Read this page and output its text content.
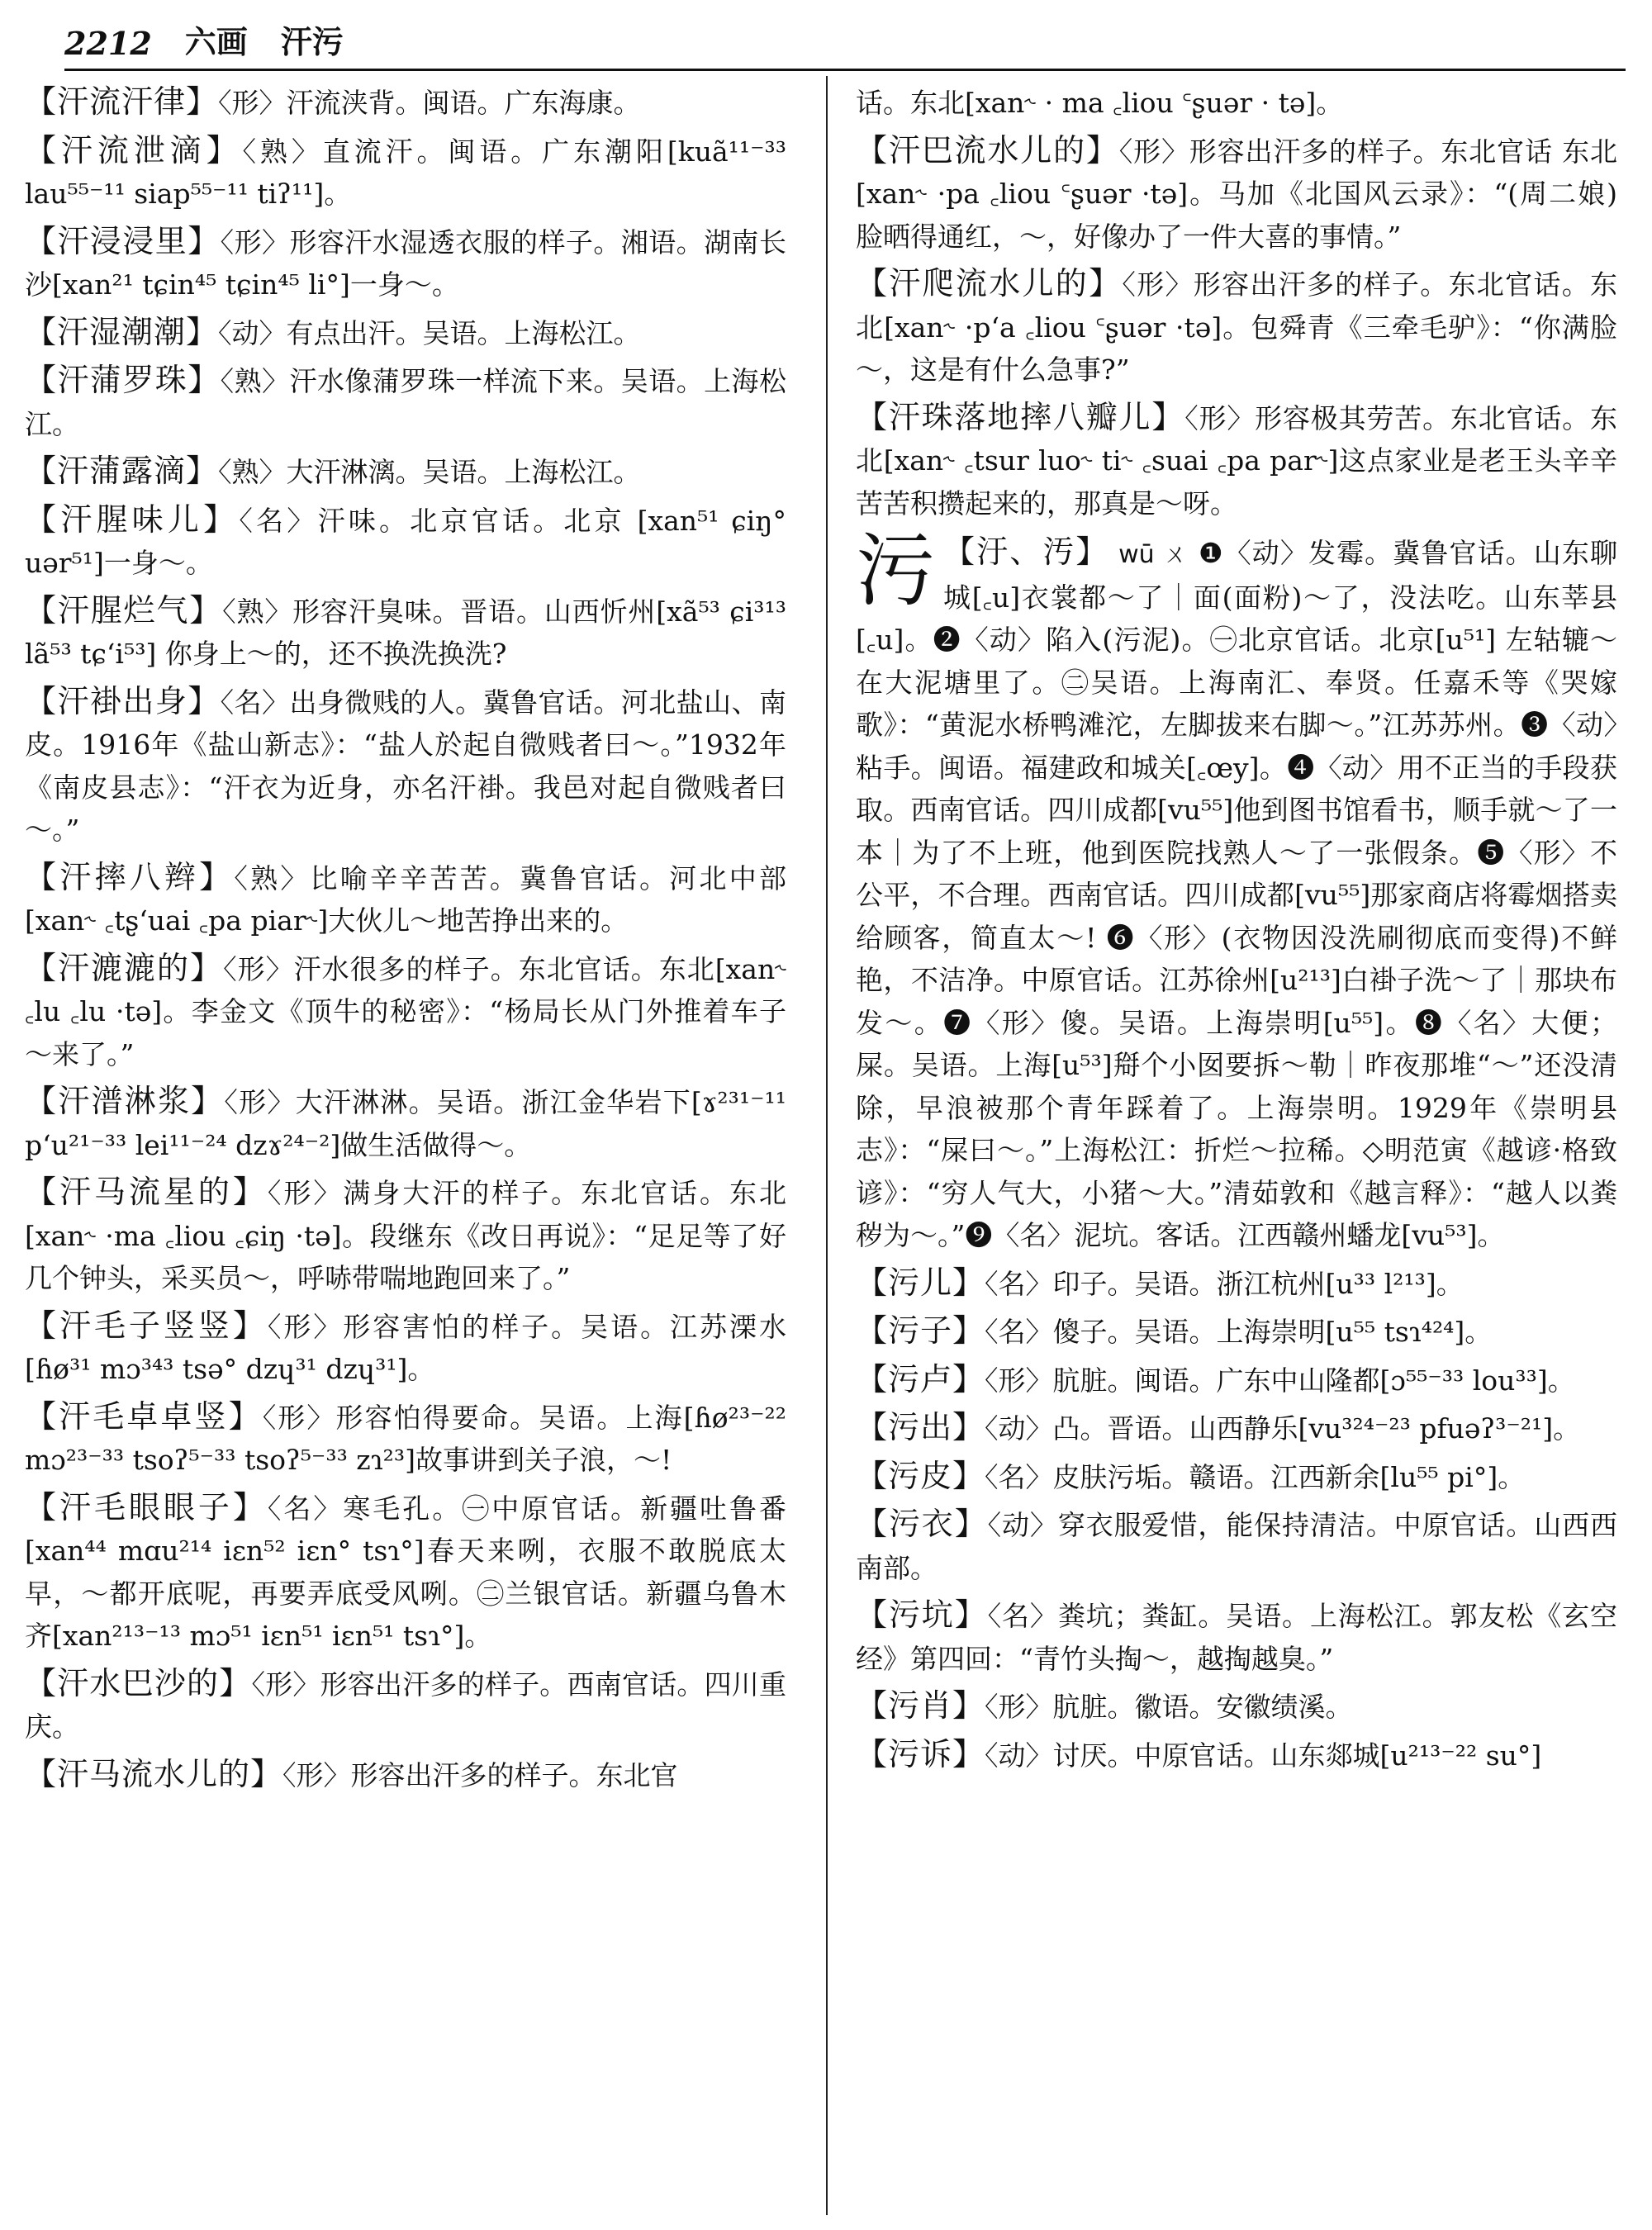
2212 六画 汗污
【汗流汗律】〈形〉汗流浃背。闽语。广东海康。
【汗流泄滴】〈熟〉直流汗。闽语。广东潮阳[kuã¹¹⁻³³ lau⁵⁵⁻¹¹ siap⁵⁵⁻¹¹ tiʔ¹¹]。
【汗浸浸里】〈形〉形容汗水湿透衣服的样子。湘语。湖南长沙[xan²¹ tɕin⁴⁵ tɕin⁴⁵ li°]一身～。
【汗湿潮潮】〈动〉有点出汗。吴语。上海松江。
【汗蒲罗珠】〈熟〉汗水像蒲罗珠一样流下来。吴语。上海松江。
【汗蒲露滴】〈熟〉大汗淋漓。吴语。上海松江。
【汗腥味儿】〈名〉汗味。北京官话。北京 [xan⁵¹ ɕiŋ° uər⁵¹]一身～。
【汗腥烂气】〈熟〉形容汗臭味。晋语。山西忻州[xã⁵³ ɕi³¹³ lã⁵³ tɕʻi⁵³] 你身上～的，还不换洗换洗?
【汗褂出身】〈名〉出身微贱的人。冀鲁官话。河北盐山、南皮。1916年《盐山新志》：“盐人於起自微贱者曰～。”1932年《南皮县志》：“汗衣为近身，亦名汗褂。我邑对起自微贱者曰～。”
【汗摔八辫】〈熟〉比喻辛辛苦苦。冀鲁官话。河北中部[xan˞ ꜀tʂʻuai ꜀pa piar˞]大伙儿～地苦挣出来的。
【汗漉漉的】〈形〉汗水很多的样子。东北官话。东北[xan˞ ꜀lu ꜀lu ·tə]。李金文《顶牛的秘密》：“杨局长从门外推着车子～来了。”
【汗潽淋浆】〈形〉大汗淋淋。吴语。浙江金华岩下[ɤ²³¹⁻¹¹ pʻu²¹⁻³³ lei¹¹⁻²⁴ dzɤ²⁴⁻²]做生活做得～。
【汗马流星的】〈形〉满身大汗的样子。东北官话。东北[xan˞ ·ma ꜀liou ꜀ɕiŋ ·tə]。段继东《改日再说》：“足足等了好几个钟头，采买员～，呼哧带喘地跑回来了。”
【汗毛子竖竖】〈形〉形容害怕的样子。吴语。江苏溧水[ɦø³¹ mɔ³⁴³ tsə° dzɥ³¹ dzɥ³¹]。
【汗毛卓卓竖】〈形〉形容怕得要命。吴语。上海[ɦø²³⁻²² mɔ²³⁻³³ tsoʔ⁵⁻³³ tsoʔ⁵⁻³³ zɿ²³]故事讲到关子浪，～!
【汗毛眼眼子】〈名〉寒毛孔。㊀中原官话。新疆吐鲁番[xan⁴⁴ mɑu²¹⁴ iɛn⁵² iɛn° tsɿ°]春天来咧，衣服不敢脱底太早，～都开底呢，再要弄底受风咧。㊁兰银官话。新疆乌鲁木齐[xan²¹³⁻¹³ mɔ⁵¹ iɛn⁵¹ iɛn⁵¹ tsɿ°]。
【汗水巴沙的】〈形〉形容出汗多的样子。西南官话。四川重庆。
【汗马流水儿的】〈形〉形容出汗多的样子。东北官
话。东北[xan˞ · ma ꜀liou ꜂ʂuər · tə]。
【汗巴流水儿的】〈形〉形容出汗多的样子。东北官话 东北[xan˞ ·pa ꜀liou ꜂ʂuər ·tə]。马加《北国风云录》：“(周二娘) 脸晒得通红，～，好像办了一件大喜的事情。”
【汗爬流水儿的】〈形〉形容出汗多的样子。东北官话。东北[xan˞ ·pʻa ꜀liou ꜂ʂuər ·tə]。包舜青《三牵毛驴》：“你满脸～，这是有什么急事?”
【汗珠落地摔八瓣儿】〈形〉形容极其劳苦。东北官话。东北[xan˞ ꜀tsur luo˞ ti˞ ꜀suai ꜀pa par˞]这点家业是老王头辛辛苦苦积攒起来的，那真是～呀。
污 【汙、汚】 wū ㄨ ❶〈动〉发霉。冀鲁官话。山东聊城[꜀u]衣裳都～了｜面(面粉)～了，没法吃。山东莘县[꜀u]。❷〈动〉陷入(污泥)。㊀北京官话。北京[u⁵¹] 左轱辘～在大泥塘里了。㊁吴语。上海南汇、奉贤。任嘉禾等《哭嫁歌》：“黄泥水桥鸭滩沱，左脚拔来右脚～。”江苏苏州。❸〈动〉粘手。闽语。福建政和城关[꜀œy]。❹〈动〉用不正当的手段获取。西南官话。四川成都[vu⁵⁵]他到图书馆看书，顺手就～了一本｜为了不上班，他到医院找熟人～了一张假条。❺〈形〉不公平，不合理。西南官话。四川成都[vu⁵⁵]那家商店将霉烟搭卖给顾客，简直太～! ❻〈形〉(衣物因没洗刷彻底而变得)不鲜艳，不洁净。中原官话。江苏徐州[u²¹³]白褂子洗～了｜那块布发～。❼〈形〉傻。吴语。上海崇明[u⁵⁵]。❽〈名〉大便；屎。吴语。上海[u⁵³]搿个小囡要拆～勒｜昨夜那堆“～”还没清除，早浪被那个青年踩着了。上海崇明。1929年《崇明县志》：“屎曰～。”上海松江：折烂～拉稀。◇明范寅《越谚·格致谚》：“穷人气大，小猪～大。”清茹敦和《越言释》：“越人以粪秽为～。”❾〈名〉泥坑。客话。江西赣州蟠龙[vu⁵³]。
【污儿】〈名〉印子。吴语。浙江杭州[u³³ l²¹³]。
【污子】〈名〉傻子。吴语。上海崇明[u⁵⁵ tsɿ⁴²⁴]。
【污卢】〈形〉肮脏。闽语。广东中山隆都[ɔ⁵⁵⁻³³ lou³³]。
【污出】〈动〉凸。晋语。山西静乐[vu³²⁴⁻²³ pfuəʔ³⁻²¹]。
【污皮】〈名〉皮肤污垢。赣语。江西新余[lu⁵⁵ pi°]。
【污衣】〈动〉穿衣服爱惜，能保持清洁。中原官话。山西西南部。
【污坑】〈名〉粪坑；粪缸。吴语。上海松江。郭友松《玄空经》第四回：“青竹头掏～，越掏越臭。”
【污肖】〈形〉肮脏。徽语。安徽绩溪。
【污诉】〈动〉讨厌。中原官话。山东郯城[u²¹³⁻²² su°]
